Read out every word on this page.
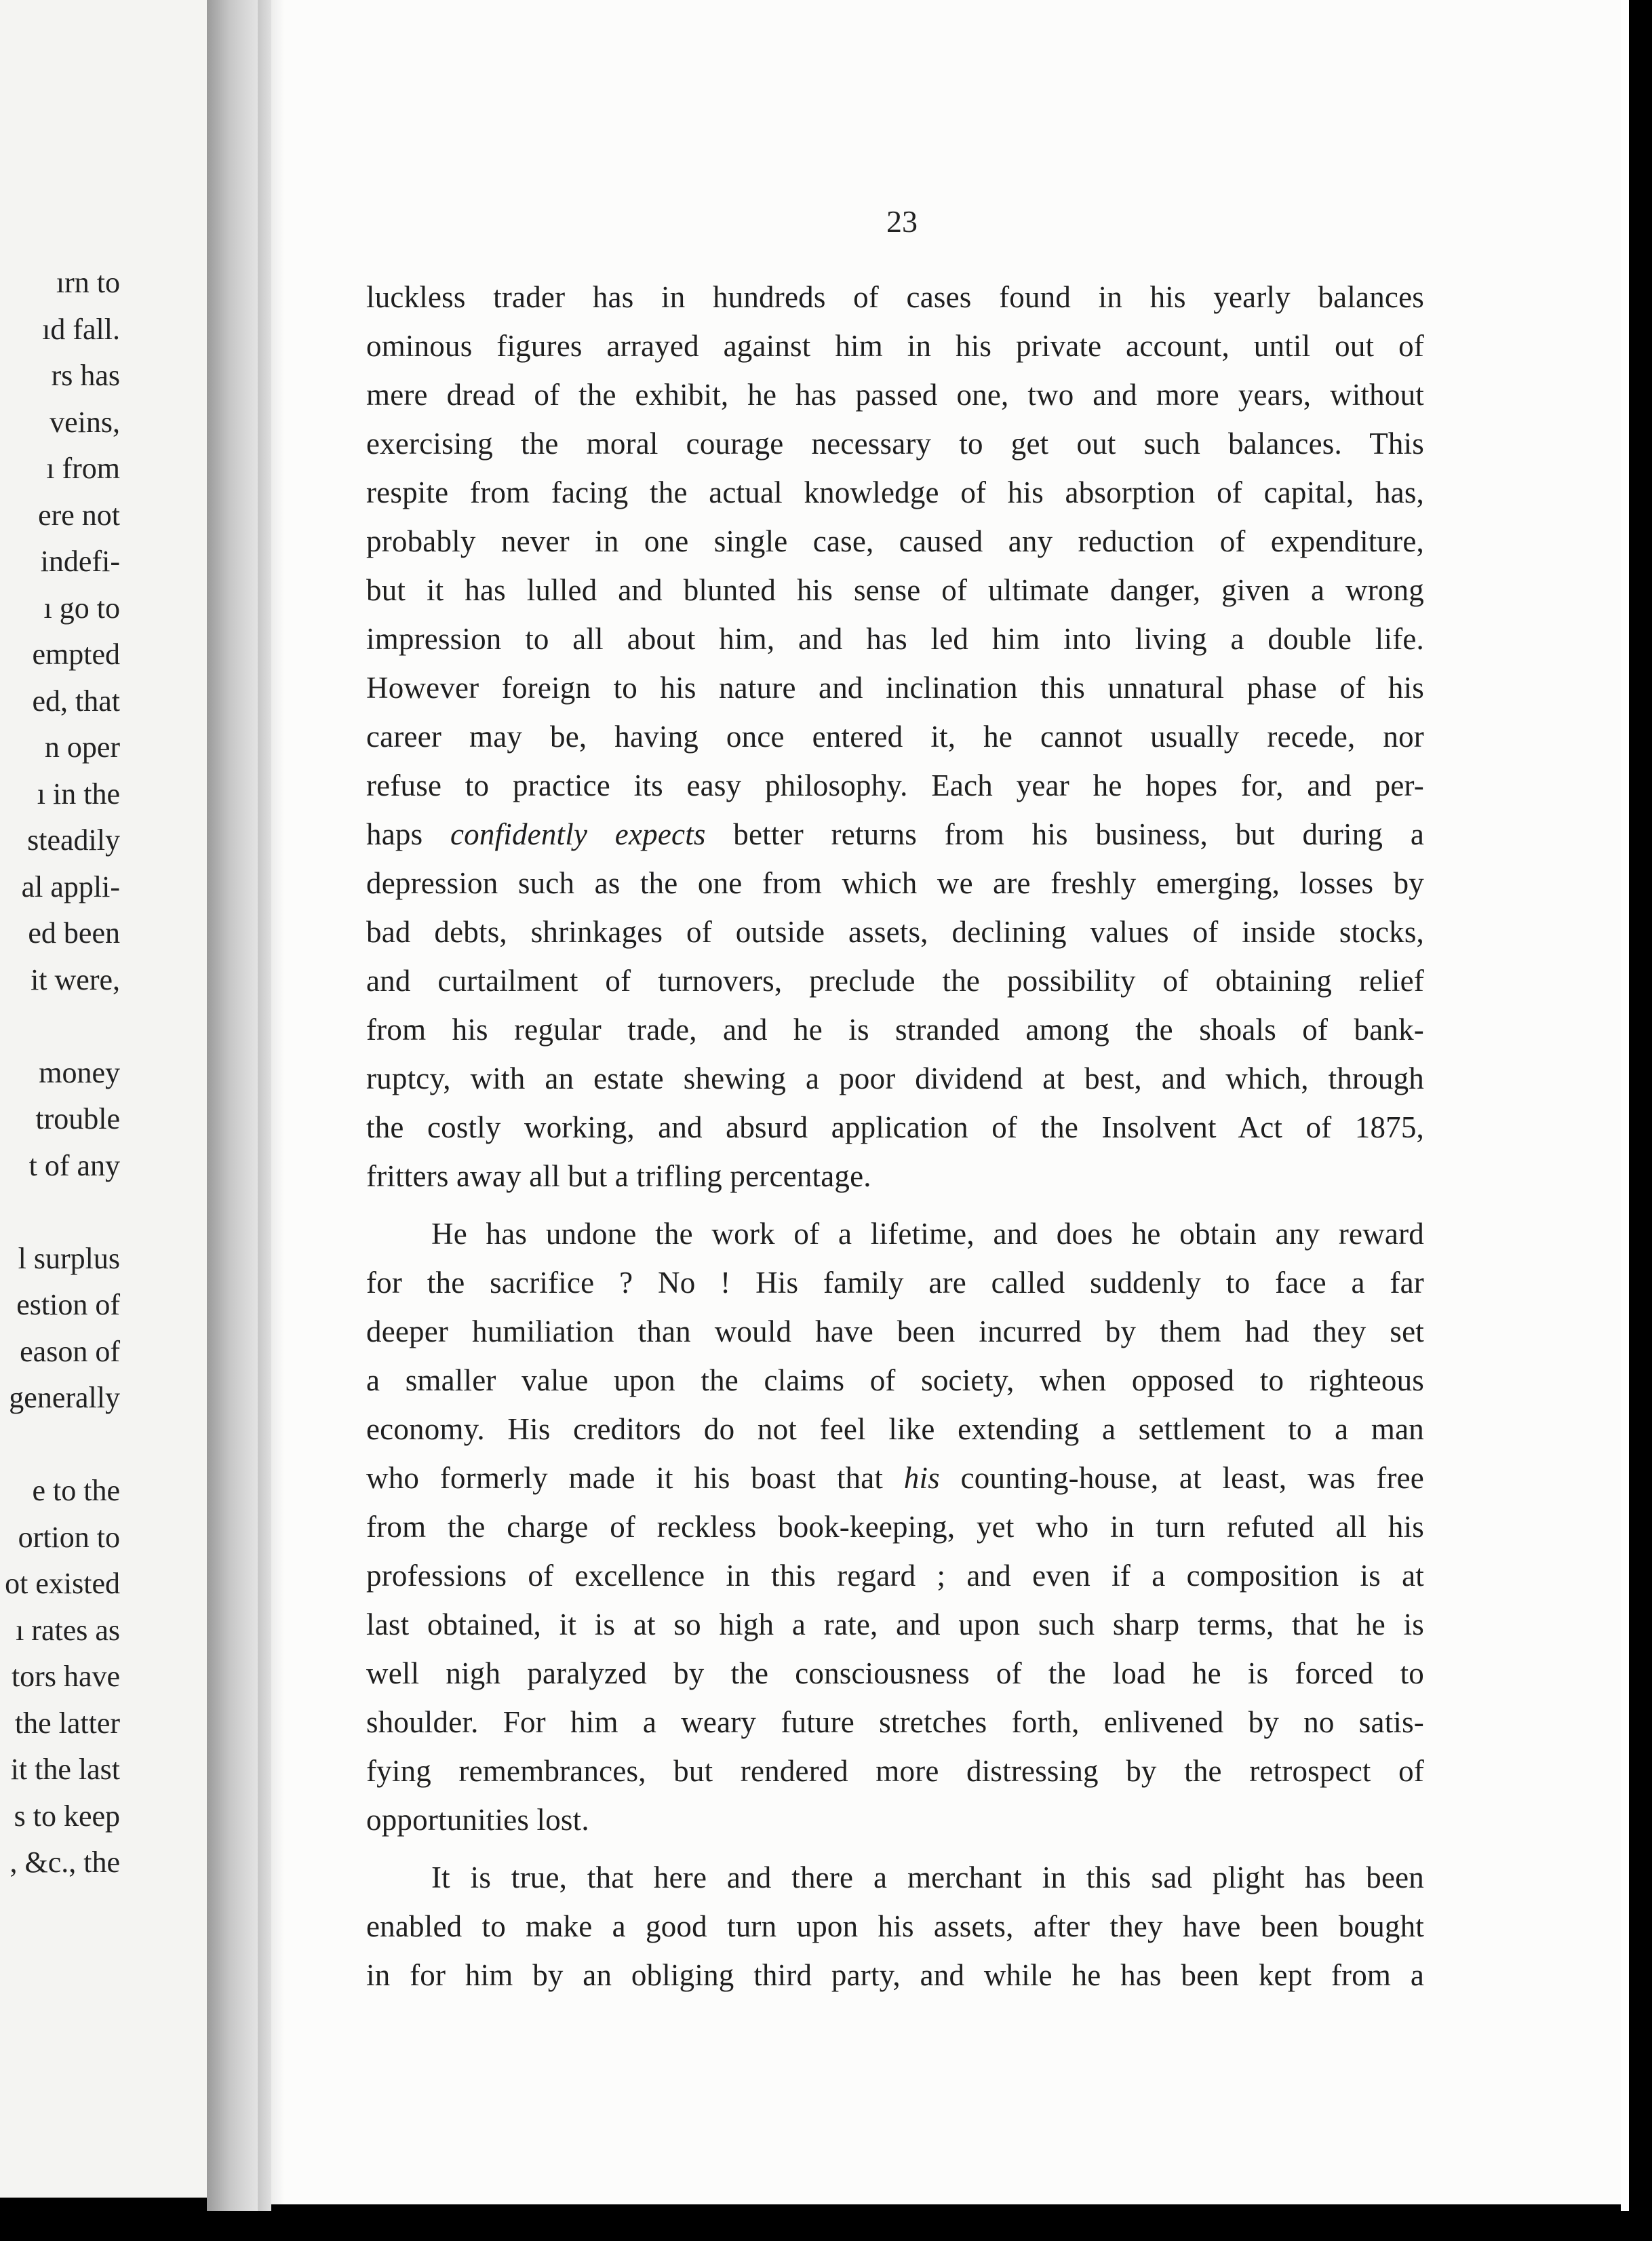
ırn to
ıd fall.
rs has
veins,
ı from
ere not
indefi-
ı go to
empted
ed, that
n oper
ı in the
steadily
al appli-
ed been
it were,
money
trouble
t of any
l surplus
estion of
eason of
generally
e to the
ortion to
ot existed
ı rates as
tors have
the latter
it the last
s to keep
, &c., the
23
luckless trader has in hundreds of cases found in his yearly balances
ominous figures arrayed against him in his private account, until out of
mere dread of the exhibit, he has passed one, two and more years, without
exercising the moral courage necessary to get out such balances. This
respite from facing the actual knowledge of his absorption of capital, has,
probably never in one single case, caused any reduction of expenditure,
but it has lulled and blunted his sense of ultimate danger, given a wrong
impression to all about him, and has led him into living a double life.
However foreign to his nature and inclination this unnatural phase of his
career may be, having once entered it, he cannot usually recede, nor
refuse to practice its easy philosophy. Each year he hopes for, and per-
haps confidently expects better returns from his business, but during a
depression such as the one from which we are freshly emerging, losses by
bad debts, shrinkages of outside assets, declining values of inside stocks,
and curtailment of turnovers, preclude the possibility of obtaining relief
from his regular trade, and he is stranded among the shoals of bank-
ruptcy, with an estate shewing a poor dividend at best, and which, through
the costly working, and absurd application of the Insolvent Act of 1875,
fritters away all but a trifling percentage.
He has undone the work of a lifetime, and does he obtain any reward
for the sacrifice ? No ! His family are called suddenly to face a far
deeper humiliation than would have been incurred by them had they set
a smaller value upon the claims of society, when opposed to righteous
economy. His creditors do not feel like extending a settlement to a man
who formerly made it his boast that his counting-house, at least, was free
from the charge of reckless book-keeping, yet who in turn refuted all his
professions of excellence in this regard ; and even if a composition is at
last obtained, it is at so high a rate, and upon such sharp terms, that he is
well nigh paralyzed by the consciousness of the load he is forced to
shoulder. For him a weary future stretches forth, enlivened by no satis-
fying remembrances, but rendered more distressing by the retrospect of
opportunities lost.
It is true, that here and there a merchant in this sad plight has been
enabled to make a good turn upon his assets, after they have been bought
in for him by an obliging third party, and while he has been kept from a
